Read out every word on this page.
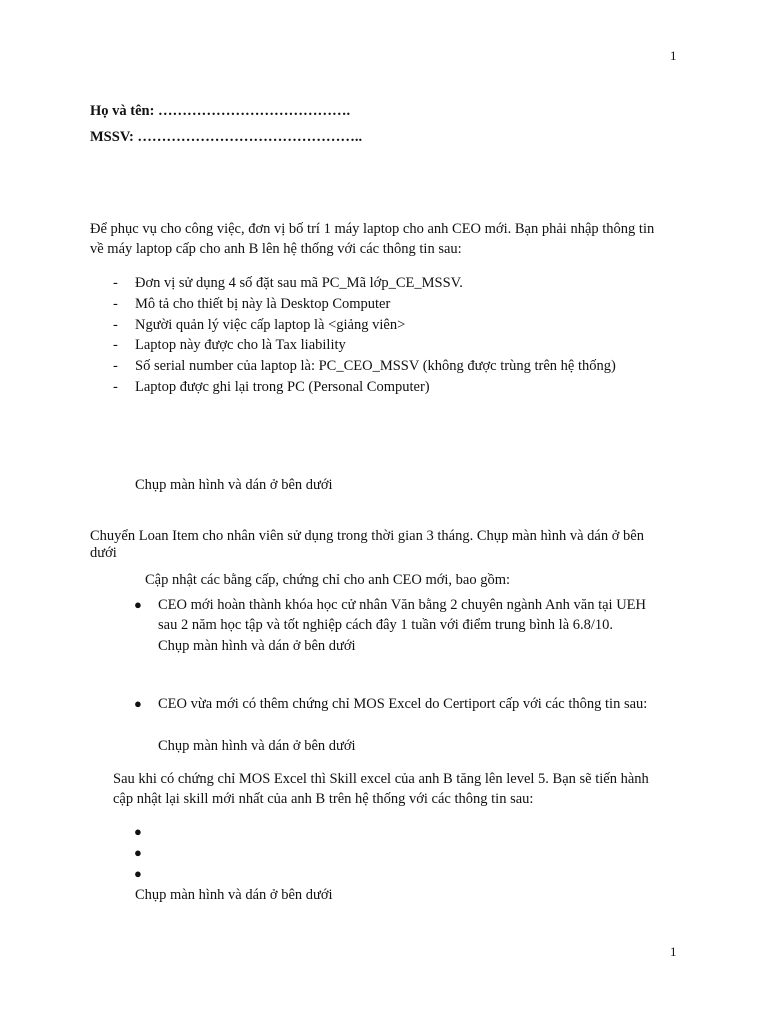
1
Họ và tên: ………………………………….
MSSV: ………………………………………..
Để phục vụ cho công việc, đơn vị bố trí 1 máy laptop cho anh CEO mới. Bạn phải nhập thông tin
về máy laptop cấp cho anh B lên hệ thống với các thông tin sau:
- Đơn vị sử dụng 4 số đặt sau mã PC_Mã lớp_CE_MSSV.
- Mô tả cho thiết bị này là Desktop Computer
- Người quản lý việc cấp laptop là <giảng viên>
- Laptop này được cho là Tax liability
- Số serial number của laptop là: PC_CEO_MSSV (không được trùng trên hệ thống)
- Laptop được ghi lại trong PC (Personal Computer)
Chụp màn hình và dán ở bên dưới
Chuyển Loan Item cho nhân viên sử dụng trong thời gian 3 tháng. Chụp màn hình và dán ở bên
dưới
Cập nhật các bằng cấp, chứng chỉ cho anh CEO mới, bao gồm:
● CEO mới hoàn thành khóa học cử nhân Văn bằng 2 chuyên ngành Anh văn tại UEH
sau 2 năm học tập và tốt nghiệp cách đây 1 tuần với điểm trung bình là 6.8/10.
Chụp màn hình và dán ở bên dưới
● CEO vừa mới có thêm chứng chỉ MOS Excel do Certiport cấp với các thông tin sau:
Chụp màn hình và dán ở bên dưới
Sau khi có chứng chỉ MOS Excel thì Skill excel của anh B tăng lên level 5. Bạn sẽ tiến hành
cập nhật lại skill mới nhất của anh B trên hệ thống với các thông tin sau:
●
●
●
Chụp màn hình và dán ở bên dưới
1
